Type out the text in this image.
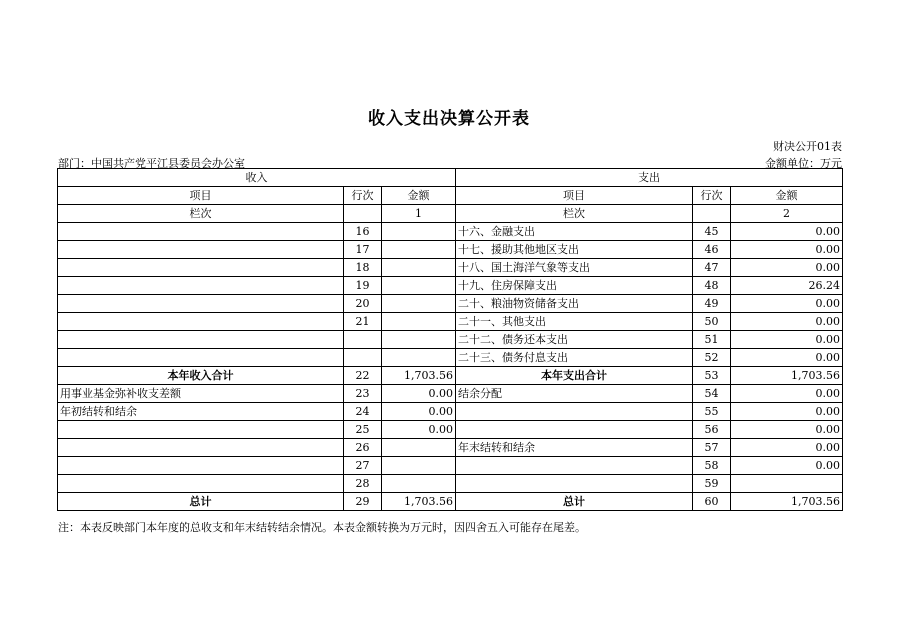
收入支出决算公开表
财决公开01表
部门：中国共产党平江县委员会办公室	金额单位：万元
收入			支出		
项目	行次	金额	项目	行次	金额
栏次		1	栏次		2
	16		十六、金融支出	45	0.00
	17		十七、援助其他地区支出	46	0.00
	18		十八、国土海洋气象等支出	47	0.00
	19		十九、住房保障支出	48	26.24
	20		二十、粮油物资储备支出	49	0.00
	21		二十一、其他支出	50	0.00
			二十二、债务还本支出	51	0.00
			二十三、债务付息支出	52	0.00
本年收入合计	22	1,703.56	本年支出合计	53	1,703.56
用事业基金弥补收支差额	23	0.00	结余分配	54	0.00
年初结转和结余	24	0.00		55	0.00
	25	0.00		56	0.00
	26		年末结转和结余	57	0.00
	27			58	0.00
	28			59	
总计	29	1,703.56	总计	60	1,703.56
注：本表反映部门本年度的总收支和年末结转结余情况。本表金额转换为万元时，因四舍五入可能存在尾差。
